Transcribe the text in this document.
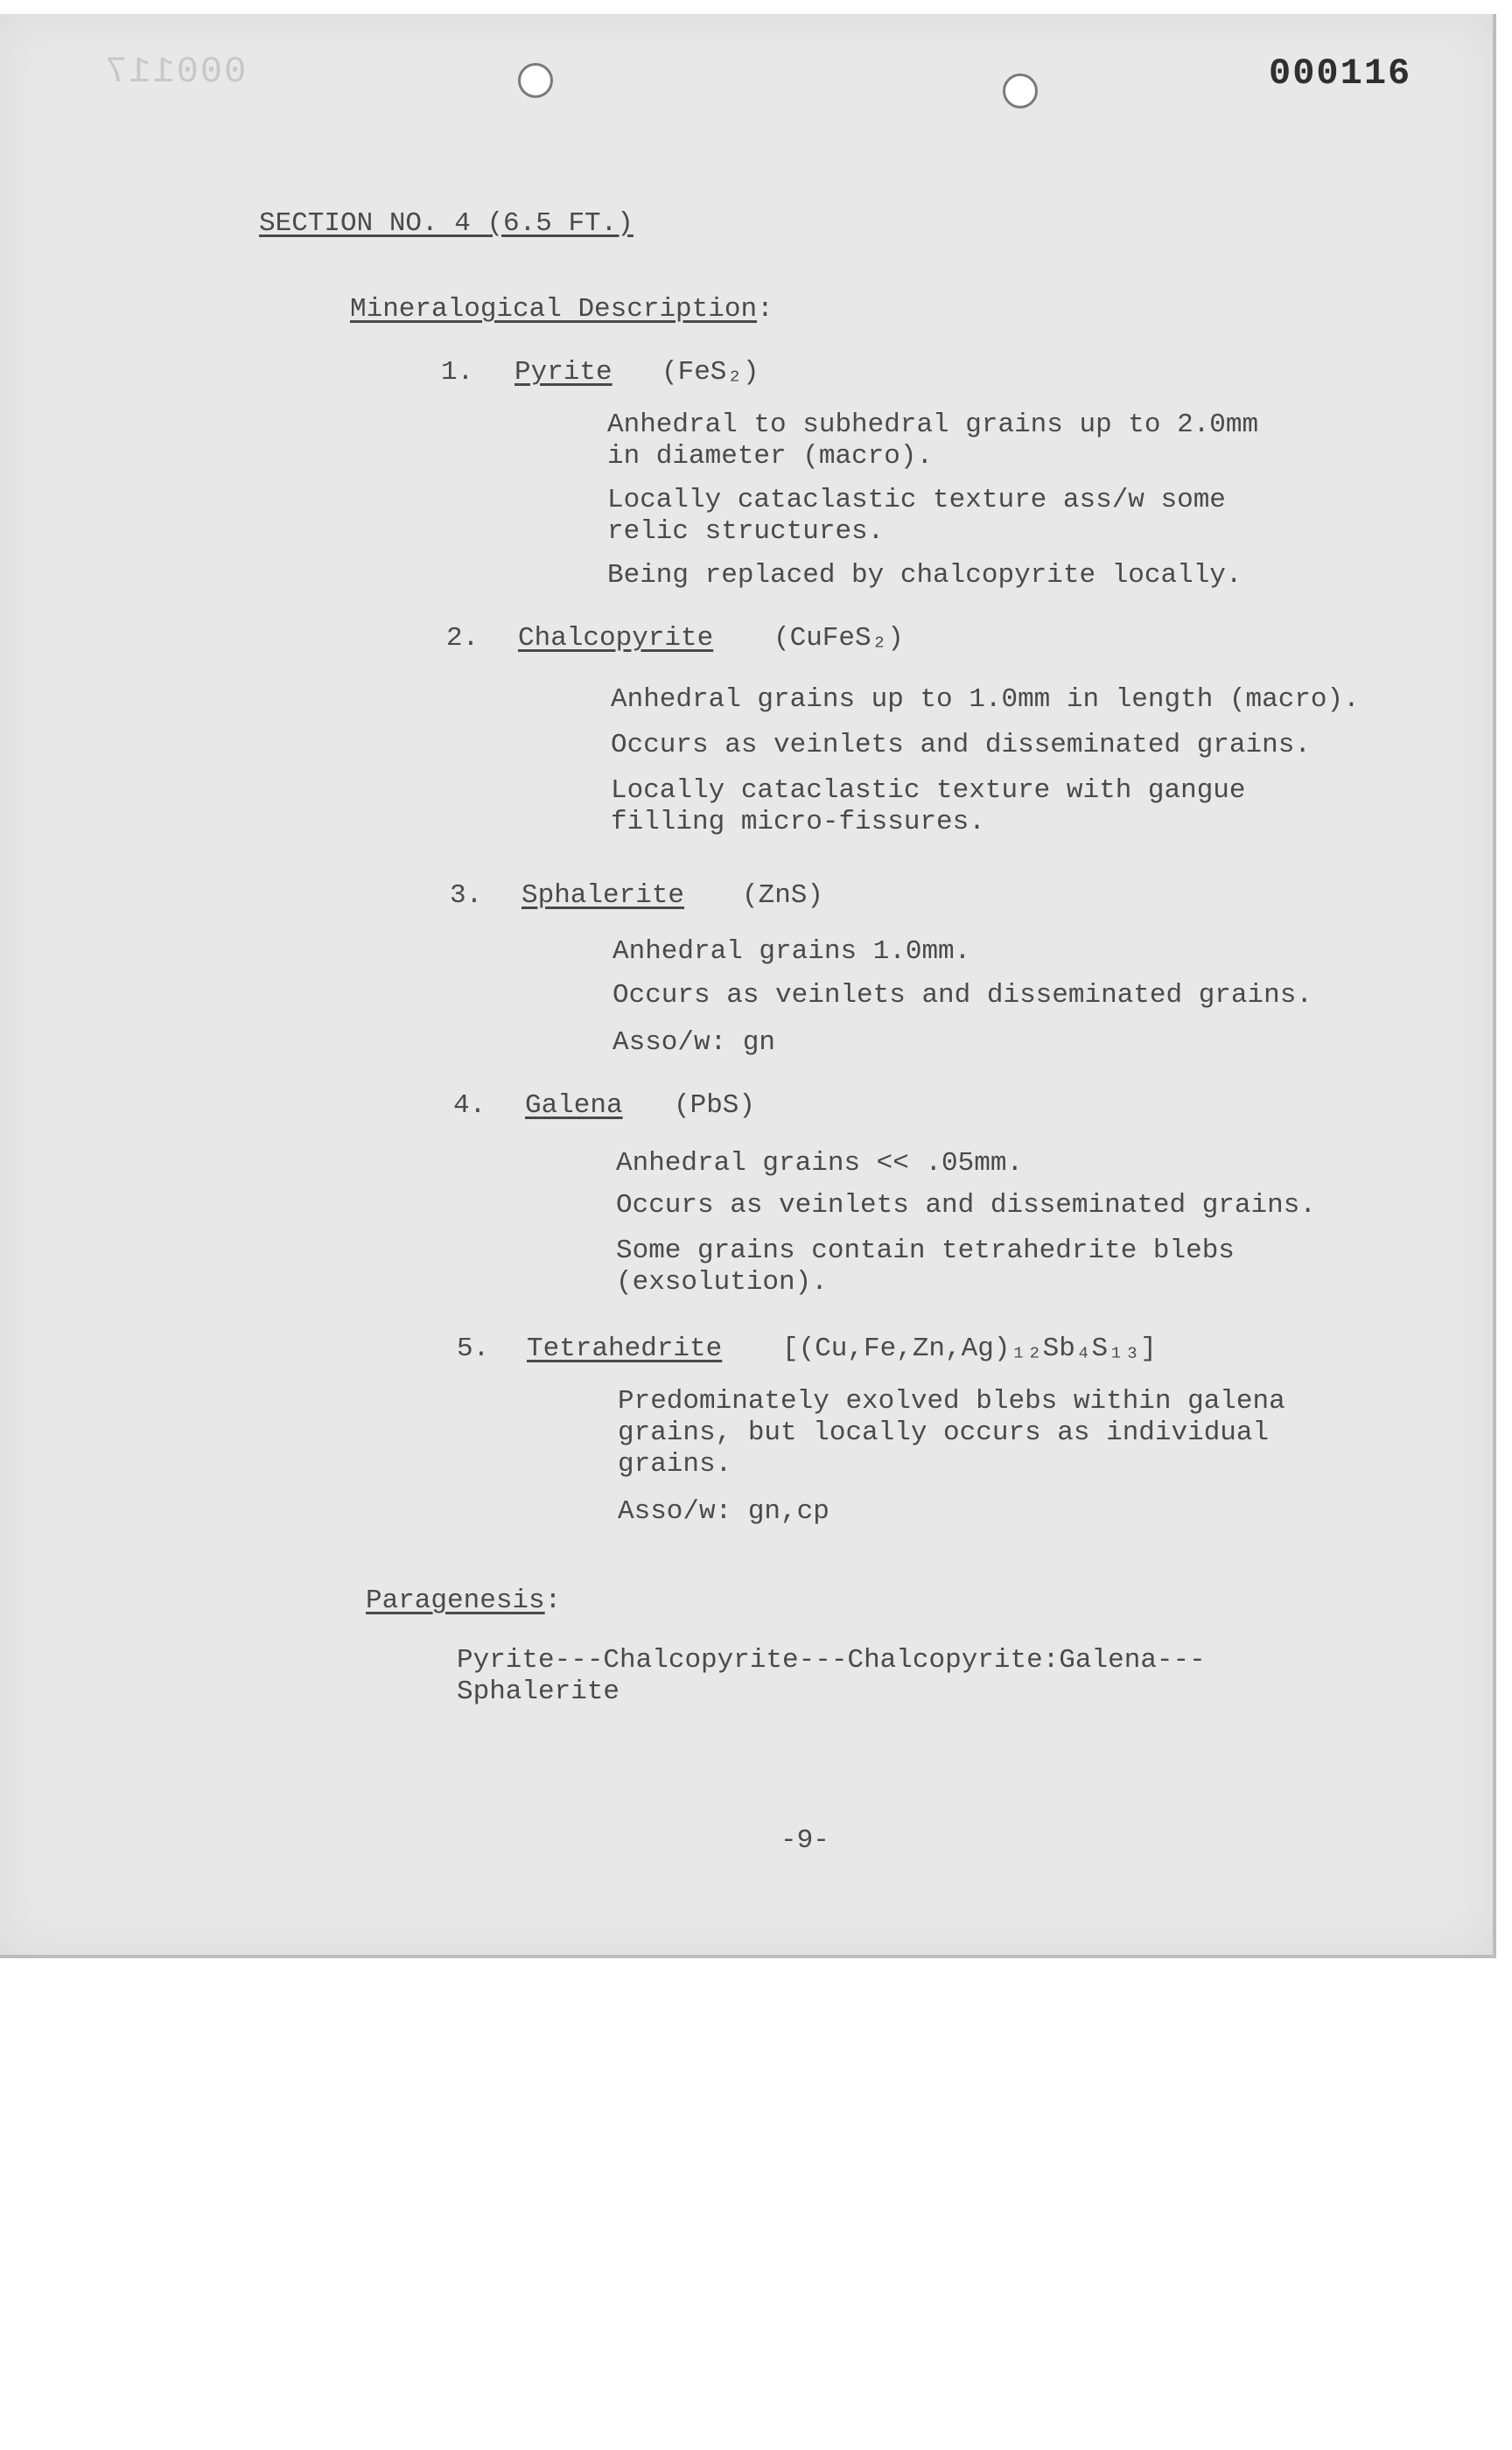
000117	000116
SECTION NO. 4 (6.5 FT.)
Mineralogical Description:
1. Pyrite (FeS₂)
Anhedral to subhedral grains up to 2.0mm
in diameter (macro).
Locally cataclastic texture ass/w some
relic structures.
Being replaced by chalcopyrite locally.
2. Chalcopyrite (CuFeS₂)
Anhedral grains up to 1.0mm in length (macro).
Occurs as veinlets and disseminated grains.
Locally cataclastic texture with gangue
filling micro-fissures.
3. Sphalerite (ZnS)
Anhedral grains 1.0mm.
Occurs as veinlets and disseminated grains.
Asso/w: gn
4. Galena (PbS)
Anhedral grains << .05mm.
Occurs as veinlets and disseminated grains.
Some grains contain tetrahedrite blebs
(exsolution).
5. Tetrahedrite [(Cu,Fe,Zn,Ag)₁₂Sb₄S₁₃]
Predominately exolved blebs within galena
grains, but locally occurs as individual
grains.
Asso/w: gn,cp
Paragenesis:
Pyrite---Chalcopyrite---Chalcopyrite:Galena---
Sphalerite
-9-
